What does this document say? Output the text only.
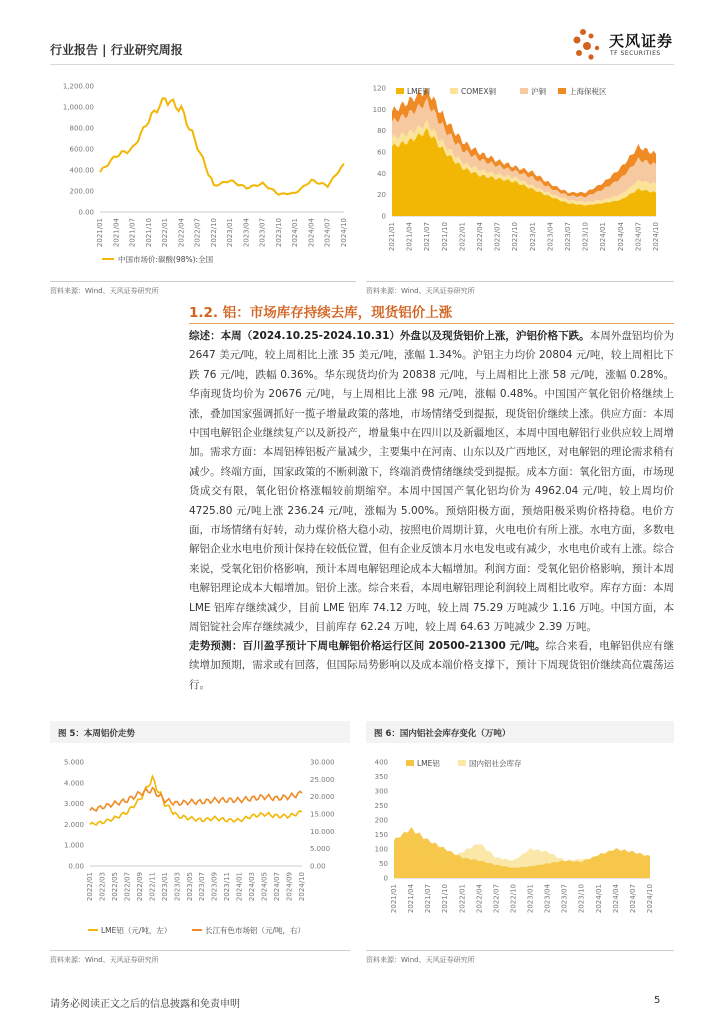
行业报告 | 行业研究周报	天风证券
TF SECURITIES
0.00
200.00
400.00
600.00
800.00
1,000.00
1,200.00
2021/01 2021/04 2021/07 2021/10 2022/01 2022/04 2022/07 2022/10 2023/01 2023/04 2023/07 2023/10 2024/01 2024/04 2024/07 2024/10
中国市场价:碳酸(98%):全国
资料来源：Wind、天风证券研究所
0
20
40
60
80
100
120
2021/01 2021/04 2021/07 2021/10 2022/01 2022/04 2022/07 2022/10 2023/01 2023/04 2023/07 2023/10 2024/01 2024/04 2024/07 2024/10
LME铜	COMEX铜	沪铜	上海保税区
资料来源：Wind、天风证券研究所
1.2. 铝：市场库存持续去库，现货铝价上涨
综述：本周（2024.10.25-2024.10.31）外盘以及现货铝价上涨，沪铝价格下跌。本周外盘铝均价为 2647 美元/吨，较上周相比上涨 35 美元/吨，涨幅 1.34%。沪铝主力均价 20804 元/吨，较上周相比下跌 76 元/吨，跌幅 0.36%。华东现货均价为 20838 元/吨，与上周相比上涨 58 元/吨，涨幅 0.28%。华南现货均价为 20676 元/吨，与上周相比上涨 98 元/吨，涨幅 0.48%。中国国产氧化铝价格继续上涨，叠加国家强调抓好一揽子增量政策的落地，市场情绪受到提振，现货铝价继续上涨。供应方面：本周中国电解铝企业继续复产以及新投产，增量集中在四川以及新疆地区，本周中国电解铝行业供应较上周增加。需求方面：本周铝棒铝板产量减少，主要集中在河南、山东以及广西地区，对电解铝的理论需求稍有减少。终端方面，国家政策的不断刺激下，终端消费情绪继续受到提振。成本方面：氧化铝方面，市场现货成交有限，氧化铝价格涨幅较前期缩窄。本周中国国产氧化铝均价为 4962.04 元/吨，较上周均价 4725.80 元/吨上涨 236.24 元/吨，涨幅为 5.00%。预焙阳极方面，预焙阳极采购价格持稳。电价方面，市场情绪有好转，动力煤价格大稳小动，按照电价周期计算，火电电价有所上涨。水电方面，多数电解铝企业水电电价预计保持在较低位置，但有企业反馈本月水电发电或有减少，水电电价或有上涨。综合来说，受氧化铝价格影响，预计本周电解铝理论成本大幅增加。利润方面：受氧化铝价格影响，预计本周电解铝理论成本大幅增加。铝价上涨。综合来看，本周电解铝理论利润较上周相比收窄。库存方面：本周 LME 铝库存继续减少，目前 LME 铝库 74.12 万吨，较上周 75.29 万吨减少 1.16 万吨。中国方面，本周铝锭社会库存继续减少，目前库存 62.24 万吨，较上周 64.63 万吨减少 2.39 万吨。
走势预测：百川盈孚预计下周电解铝价格运行区间 20500-21300 元/吨。综合来看，电解铝供应有继续增加预期，需求或有回落，但国际局势影响以及成本端价格支撑下，预计下周现货铝价继续高位震荡运行。
图 5：本周铝价走势
0.00
1.000
2.000
3.000
4.000
5.000
0.00
5.000
10.000
15.000
20.000
25.000
30.000
2022/01 2022/03 2022/05 2022/07 2022/09 2022/11 2023/01 2023/03 2023/05 2023/07 2023/09 2023/11 2024/01 2024/03 2024/05 2024/07 2024/09 2024/10
LME铝（元/吨，左）	长江有色市场铝（元/吨，右）
资料来源：Wind、天风证券研究所
图 6：国内铝社会库存变化（万吨）
0
50
100
150
200
250
300
350
400
2021/01 2021/04 2021/07 2021/10 2022/01 2022/04 2022/07 2022/10 2023/01 2023/04 2023/07 2023/10 2024/01 2024/04 2024/07 2024/10
LME铝	国内铝社会库存
资料来源：Wind、天风证券研究所
请务必阅读正文之后的信息披露和免责申明	5
